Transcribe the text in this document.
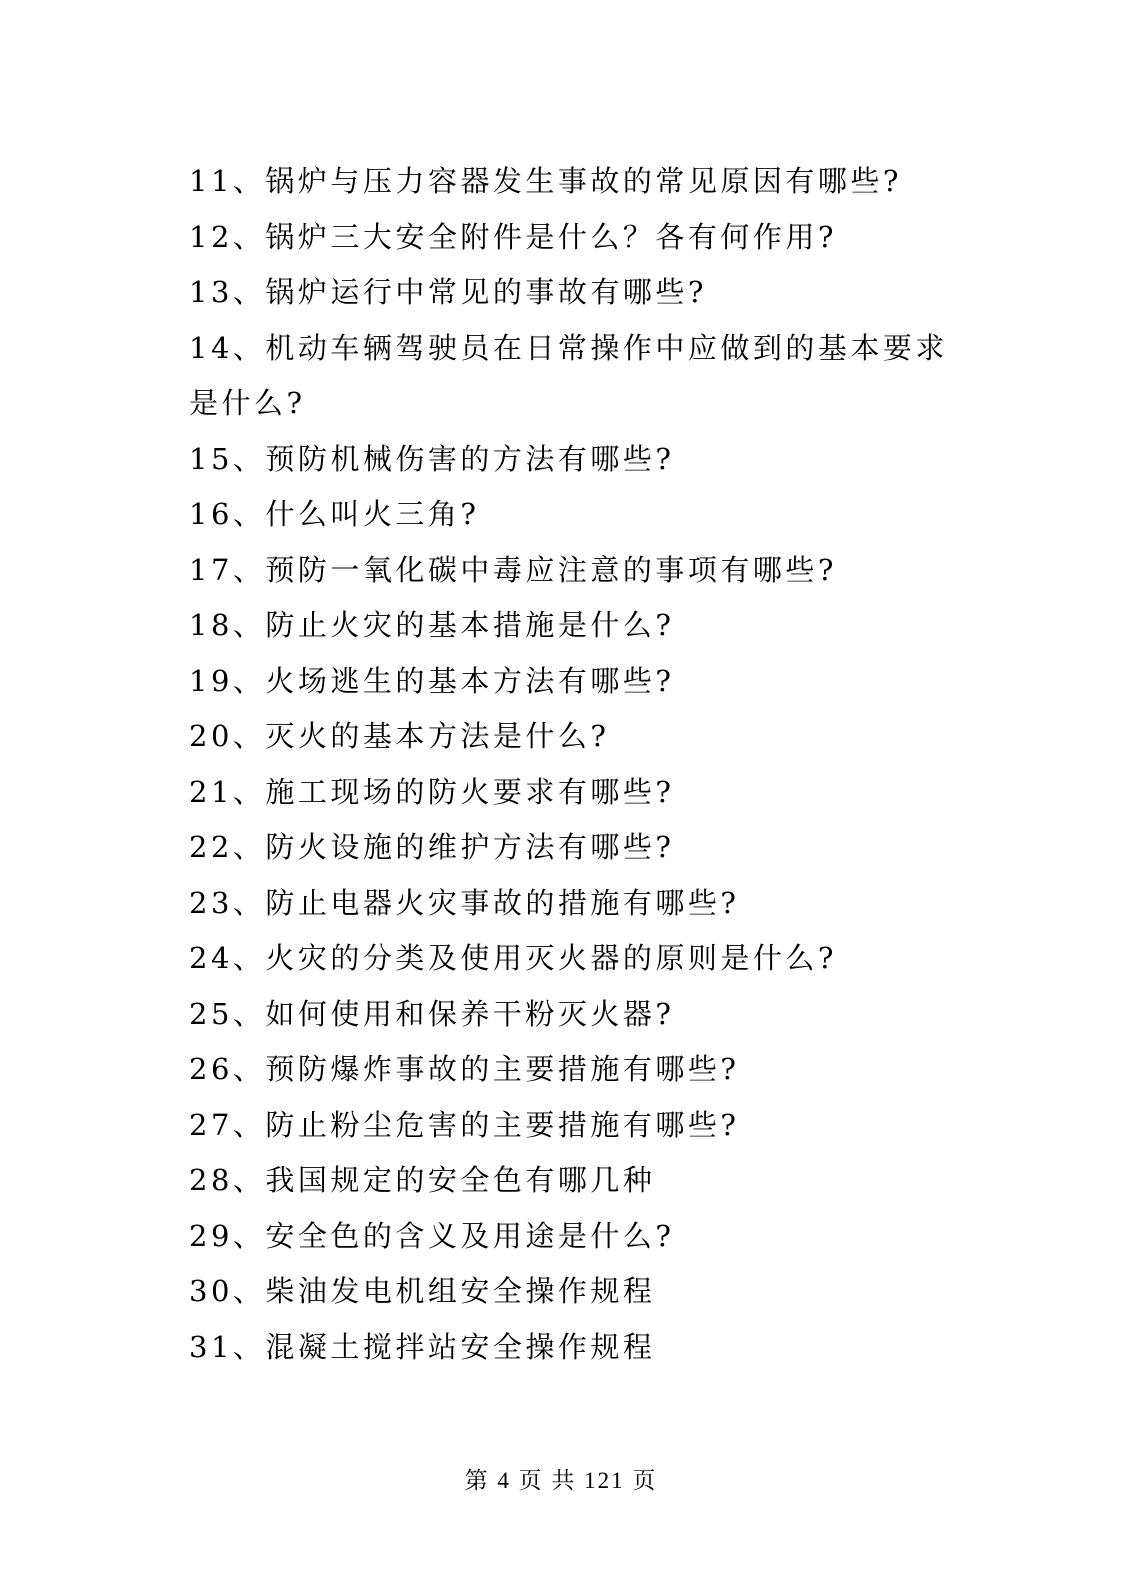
11、锅炉与压力容器发生事故的常见原因有哪些?

12、锅炉三大安全附件是什么？各有何作用?

13、锅炉运行中常见的事故有哪些?

14、机动车辆驾驶员在日常操作中应做到的基本要求是什么?

15、预防机械伤害的方法有哪些?

16、什么叫火三角?

17、预防一氧化碳中毒应注意的事项有哪些?

18、防止火灾的基本措施是什么?

19、火场逃生的基本方法有哪些?

20、灭火的基本方法是什么?

21、施工现场的防火要求有哪些?

22、防火设施的维护方法有哪些?

23、防止电器火灾事故的措施有哪些?

24、火灾的分类及使用灭火器的原则是什么?

25、如何使用和保养干粉灭火器?

26、预防爆炸事故的主要措施有哪些?

27、防止粉尘危害的主要措施有哪些?

28、我国规定的安全色有哪几种

29、安全色的含义及用途是什么?

30、柴油发电机组安全操作规程

31、混凝土搅拌站安全操作规程

第 4 页 共 121 页
